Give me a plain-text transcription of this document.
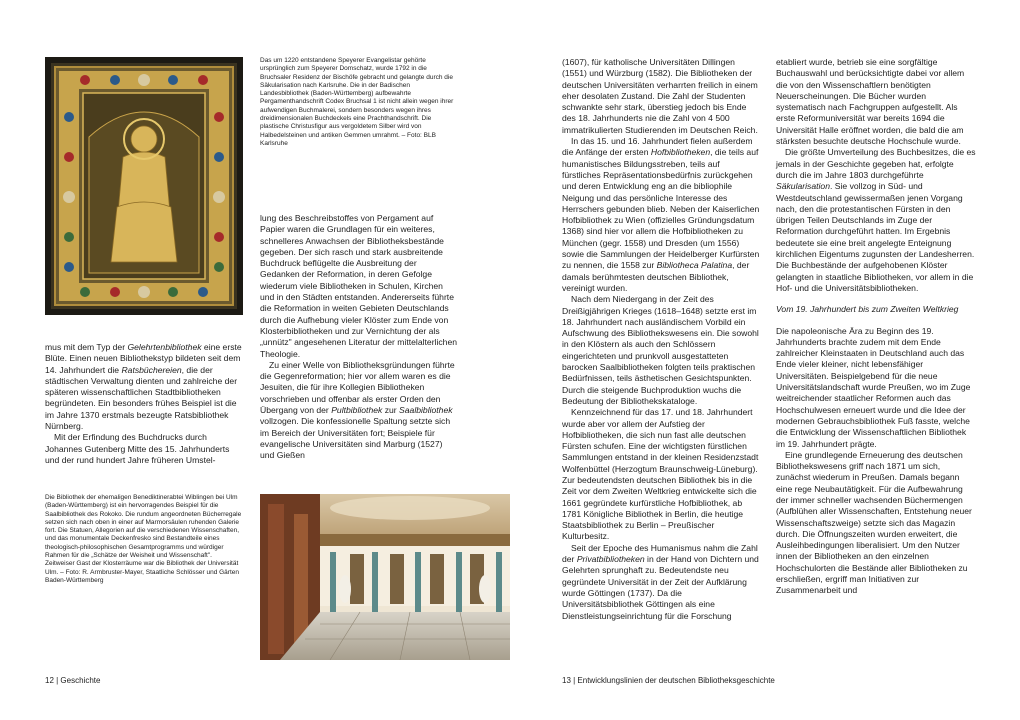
Das um 1220 entstandene Speyerer Evangelistar gehörte ursprünglich zum Speyerer Domschatz, wurde 1792 in die Bruchsaler Residenz der Bischöfe gebracht und gelangte durch die Säkularisation nach Karlsruhe. Die in der Badischen Landesbibliothek (Baden-Württemberg) aufbewahrte Pergamenthandschrift Codex Bruchsal 1 ist nicht allein wegen ihrer aufwendigen Buchmalerei, sondern besonders wegen ihres dreidimensionalen Buchdeckels eine Prachthandschrift. Die plastische Christusfigur aus vergoldetem Silber wird von Halbedelsteinen und antiken Gemmen umrahmt. – Foto: BLB Karlsruhe

mus mit dem Typ der Gelehrtenbibliothek eine erste Blüte. Einen neuen Bibliothekstyp bildeten seit dem 14. Jahrhundert die Ratsbüchereien, die der städtischen Verwaltung dienten und zahlreiche der späteren wissenschaftlichen Stadtbibliotheken begründeten. Ein besonders frühes Beispiel ist die im Jahre 1370 erstmals bezeugte Ratsbibliothek Nürnberg.

Mit der Erfindung des Buchdrucks durch Johannes Gutenberg Mitte des 15. Jahrhunderts und der rund hundert Jahre früheren Umstel-

Die Bibliothek der ehemaligen Benediktinerabtei Wiblingen bei Ulm (Baden-Württemberg) ist ein hervorragendes Beispiel für die Saalbibliothek des Rokoko. Die rundum angeordneten Bücherregale setzen sich nach oben in einer auf Marmorsäulen ruhenden Galerie fort. Die Statuen, Allegorien auf die verschiedenen Wissenschaften, und das monumentale Deckenfresko sind Bestandteile eines theologisch-philosophischen Gesamtprogramms und würdiger Rahmen für die „Schätze der Weisheit und Wissenschaft". Zeitweiser Gast der Klosterräume war die Bibliothek der Universität Ulm. – Foto: R. Armbruster-Mayer, Staatliche Schlösser und Gärten Baden-Württemberg

lung des Beschreibstoffes von Pergament auf Papier waren die Grundlagen für ein weiteres, schnelleres Anwachsen der Bibliotheksbestände gegeben. Der sich rasch und stark ausbreitende Buchdruck beflügelte die Ausbreitung der Gedanken der Reformation, in deren Gefolge wiederum viele Bibliotheken in Schulen, Kirchen und in den Städten entstanden. Andererseits führte die Reformation in weiten Gebieten Deutschlands durch die Aufhebung vieler Klöster zum Ende von Klosterbibliotheken und zur Vernichtung der als „unnütz" angesehenen Literatur der mittelalterlichen Theologie.

Zu einer Welle von Bibliotheksgründungen führte die Gegenreformation; hier vor allem waren es die Jesuiten, die für ihre Kollegien Bibliotheken vorschrieben und offenbar als erster Orden den Übergang von der Pultbibliothek zur Saalbibliothek vollzogen. Die konfessionelle Spaltung setzte sich im Bereich der Universitäten fort; Beispiele für evangelische Universitäten sind Marburg (1527) und Gießen

12 | Geschichte

(1607), für katholische Universitäten Dillingen (1551) und Würzburg (1582). Die Bibliotheken der deutschen Universitäten verharrten freilich in einem eher desolaten Zustand. Die Zahl der Studenten schwankte sehr stark, überstieg jedoch bis Ende des 18. Jahrhunderts nie die Zahl von 4 500 immatrikulierten Studierenden im Deutschen Reich.

In das 15. und 16. Jahrhundert fielen außerdem die Anfänge der ersten Hofbibliotheken, die teils auf humanistisches Bildungsstreben, teils auf fürstliches Repräsentationsbedürfnis zurückgehen und deren Entwicklung eng an die bibliophile Neigung und das persönliche Interesse des Herrschers gebunden blieb. Neben der Kaiserlichen Hofbibliothek zu Wien (offizielles Gründungsdatum 1368) sind hier vor allem die Hofbibliotheken zu München (gegr. 1558) und Dresden (um 1556) sowie die Sammlungen der Heidelberger Kurfürsten zu nennen, die 1558 zur Bibliotheca Palatina, der damals berühmtesten deutschen Bibliothek, vereinigt wurden.

Nach dem Niedergang in der Zeit des Dreißigjährigen Krieges (1618–1648) setzte erst im 18. Jahrhundert nach ausländischem Vorbild ein Aufschwung des Bibliothekswesens ein. Die sowohl in den Klöstern als auch den Schlössern eingerichteten und prunkvoll ausgestatteten barocken Saalbibliotheken folgten teils praktischen Bedürfnissen, teils ästhetischen Gesichtspunkten. Durch die steigende Buchproduktion wuchs die Bedeutung der Bibliothekskataloge.

Kennzeichnend für das 17. und 18. Jahrhundert wurde aber vor allem der Aufstieg der Hofbibliotheken, die sich nun fast alle deutschen Fürsten schufen. Eine der wichtigsten fürstlichen Sammlungen entstand in der kleinen Residenzstadt Wolfenbüttel (Herzogtum Braunschweig-Lüneburg). Zur bedeutendsten deutschen Bibliothek bis in die Zeit vor dem Zweiten Weltkrieg entwickelte sich die 1661 gegründete kurfürstliche Hofbibliothek, ab 1781 Königliche Bibliothek in Berlin, die heutige Staatsbibliothek zu Berlin – Preußischer Kulturbesitz.

Seit der Epoche des Humanismus nahm die Zahl der Privatbibliotheken in der Hand von Dichtern und Gelehrten sprunghaft zu. Bedeutendste neu gegründete Universität in der Zeit der Aufklärung wurde Göttingen (1737). Da die Universitätsbibliothek Göttingen als eine Dienstleistungseinrichtung für die Forschung

etabliert wurde, betrieb sie eine sorgfältige Buchauswahl und berücksichtigte dabei vor allem die von den Wissenschaftlern benötigten Neuerscheinungen. Die Bücher wurden systematisch nach Fachgruppen aufgestellt. Als erste Reformuniversität war bereits 1694 die Universität Halle eröffnet worden, die bald die am stärksten besuchte deutsche Hochschule wurde.

Die größte Umverteilung des Buchbesitzes, die es jemals in der Geschichte gegeben hat, erfolgte durch die im Jahre 1803 durchgeführte Säkularisation. Sie vollzog in Süd- und Westdeutschland gewissermaßen jenen Vorgang nach, den die protestantischen Fürsten in den übrigen Teilen Deutschlands im Zuge der Reformation durchgeführt hatten. Im Ergebnis bedeutete sie eine breit angelegte Enteignung kirchlichen Eigentums zugunsten der Landesherren. Die Buchbestände der aufgehobenen Klöster gelangten in staatliche Bibliotheken, vor allem in die Hof- und die Universitätsbibliotheken.

Vom 19. Jahrhundert bis zum Zweiten Weltkrieg

Die napoleonische Ära zu Beginn des 19. Jahrhunderts brachte zudem mit dem Ende zahlreicher Kleinstaaten in Deutschland auch das Ende vieler kleiner, nicht lebensfähiger Universitäten. Beispielgebend für die neue Universitätslandschaft wurde Preußen, wo im Zuge weitreichender staatlicher Reformen auch das Hochschulwesen erneuert wurde und die Idee der modernen Gebrauchsbibliothek Fuß fasste, welche die Entwicklung der Wissenschaftlichen Bibliothek im 19. Jahrhundert prägte.

Eine grundlegende Erneuerung des deutschen Bibliothekswesens griff nach 1871 um sich, zunächst wiederum in Preußen. Damals begann eine rege Neubautätigkeit. Für die Aufbewahrung der immer schneller wachsenden Büchermengen (Aufblühen aller Wissenschaften, Entstehung neuer Wissenschaftszweige) setzte sich das Magazin durch. Die Öffnungszeiten wurden erweitert, die Ausleihbedingungen liberalisiert. Um den Nutzer innen der Bibliotheken an den einzelnen Hochschulorten die Bestände aller Bibliotheken zu erschließen, ergriff man Initiativen zur Zusammenarbeit und

13 | Entwicklungslinien der deutschen Bibliotheksgeschichte
